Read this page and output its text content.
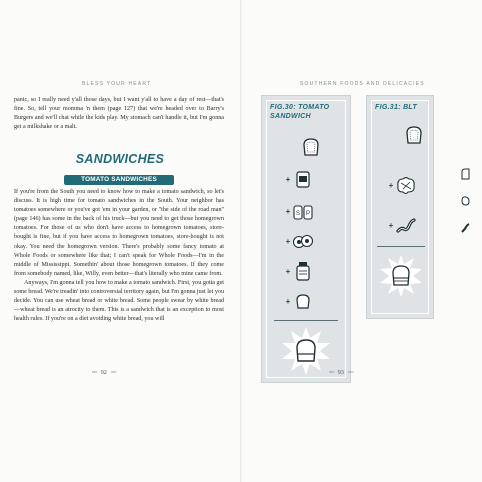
BLESS YOUR HEART

panic, so I really need y'all those days, but I want y'all to have a day of rest—that's fine. So, tell your momma 'n them (page 127) that we're headed over to Barry's Burgers and we'll chat while the kids play. My stomach can't handle it, but I'm gonna get a milkshake or a malt.

SANDWICHES
TOMATO SANDWICHES

If you're from the South you need to know how to make a tomato sandwich, so let's discuss. It is high time for tomato sandwiches in the South. Your neighbor has tomatoes somewhere or you've got 'em in your garden, or "the side of the road man" (page 146) has some in the back of his truck—but you need to get those homegrown tomatoes. For those of us who don't have access to homegrown tomatoes, store-bought is fine, but if you have access to homegrown tomatoes, store-bought is not okay. You need the homegrown version. There's probably some fancy tomato at Whole Foods or somewhere like that; I can't speak for Whole Foods—I'm in the middle of Mississippi. Somethin' about those homegrown tomatoes. If they come from somebody named, like, Willy, even better—that's literally who mine came from.

Anyways, I'm gonna tell you how to make a tomato sandwich. First, you gotta get some bread. We're treadin' into controversial territory again, but I'm gonna just let you decide. You can use wheat bread or white bread. Some people swear by white bread—wheat bread is an atrocity to them. This is a sandwich that is an exception to most health rules. If you're on a diet avoiding white bread, you will

≈≈ 92 ≈≈
SOUTHERN FOODS AND DELICACIES
FIG.30: TOMATO
SANDWICH
+
+ S P
+
+
+
FIG.31: BLT
+
+
≈≈ 93 ≈≈
